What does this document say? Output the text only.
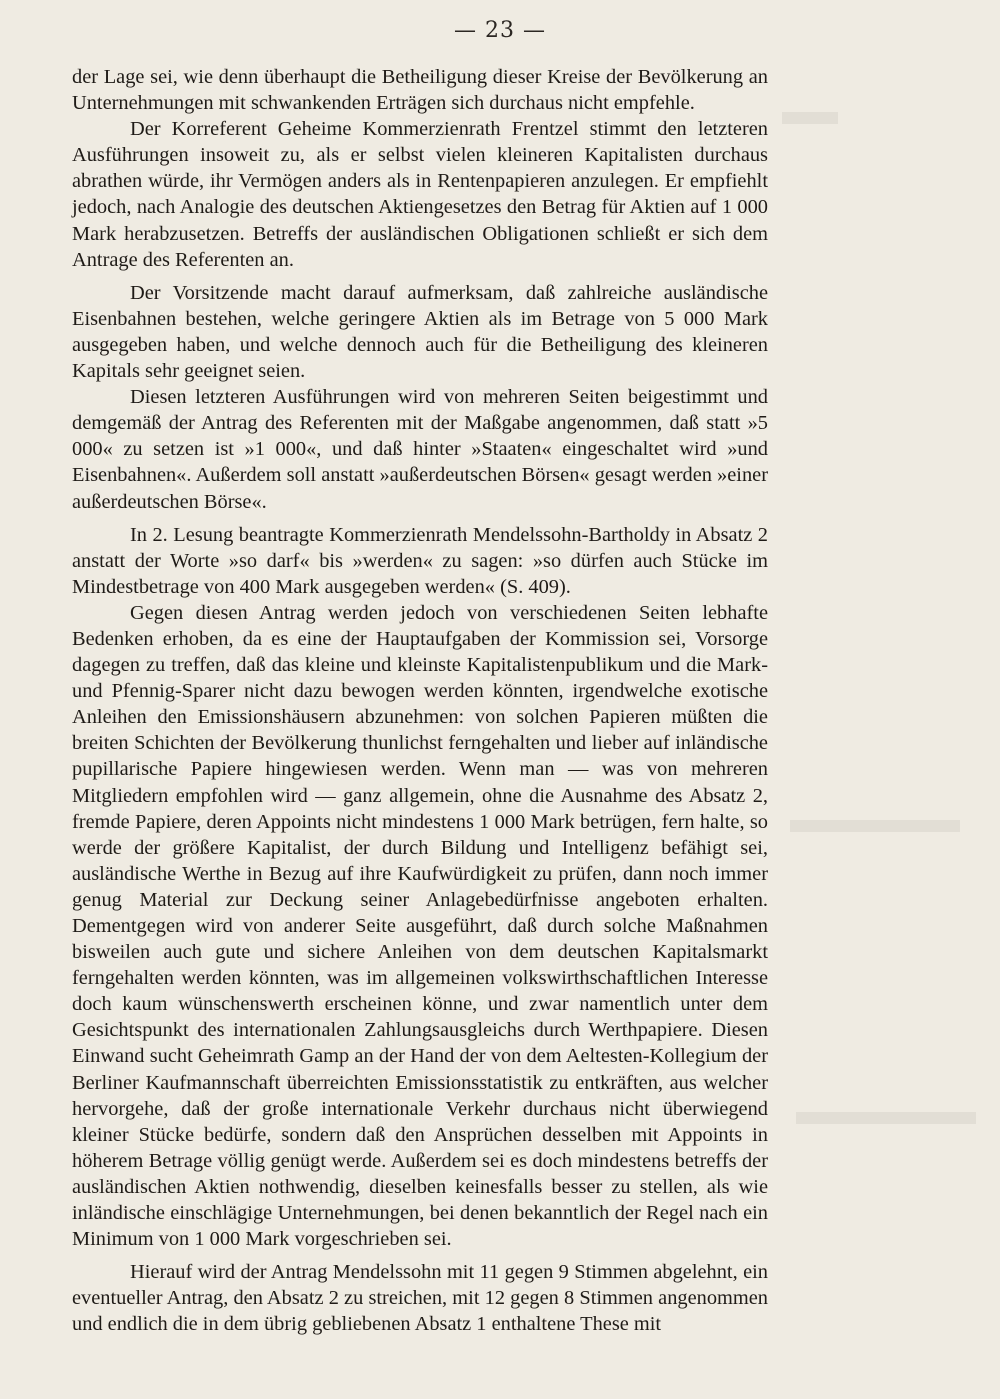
— 23 —

der Lage sei, wie denn überhaupt die Betheiligung dieser Kreise der Bevölkerung an Unternehmungen mit schwankenden Erträgen sich durchaus nicht empfehle.

Der Korreferent Geheime Kommerzienrath Frentzel stimmt den letzteren Ausführungen insoweit zu, als er selbst vielen kleineren Kapitalisten durchaus abrathen würde, ihr Vermögen anders als in Rentenpapieren anzulegen. Er empfiehlt jedoch, nach Analogie des deutschen Aktiengesetzes den Betrag für Aktien auf 1 000 Mark herabzusetzen. Betreffs der ausländischen Obligationen schließt er sich dem Antrage des Referenten an.

Der Vorsitzende macht darauf aufmerksam, daß zahlreiche ausländische Eisenbahnen bestehen, welche geringere Aktien als im Betrage von 5 000 Mark ausgegeben haben, und welche dennoch auch für die Betheiligung des kleineren Kapitals sehr geeignet seien.

Diesen letzteren Ausführungen wird von mehreren Seiten beigestimmt und demgemäß der Antrag des Referenten mit der Maßgabe angenommen, daß statt »5 000« zu setzen ist »1 000«, und daß hinter »Staaten« eingeschaltet wird »und Eisenbahnen«. Außerdem soll anstatt »außerdeutschen Börsen« gesagt werden »einer außerdeutschen Börse«.

In 2. Lesung beantragte Kommerzienrath Mendelssohn-Bartholdy in Absatz 2 anstatt der Worte »so darf« bis »werden« zu sagen: »so dürfen auch Stücke im Mindestbetrage von 400 Mark ausgegeben werden« (S. 409).

Gegen diesen Antrag werden jedoch von verschiedenen Seiten lebhafte Bedenken erhoben, da es eine der Hauptaufgaben der Kommission sei, Vorsorge dagegen zu treffen, daß das kleine und kleinste Kapitalistenpublikum und die Mark- und Pfennig-Sparer nicht dazu bewogen werden könnten, irgendwelche exotische Anleihen den Emissionshäusern abzunehmen: von solchen Papieren müßten die breiten Schichten der Bevölkerung thunlichst ferngehalten und lieber auf inländische pupillarische Papiere hingewiesen werden. Wenn man — was von mehreren Mitgliedern empfohlen wird — ganz allgemein, ohne die Ausnahme des Absatz 2, fremde Papiere, deren Appoints nicht mindestens 1 000 Mark betrügen, fern halte, so werde der größere Kapitalist, der durch Bildung und Intelligenz befähigt sei, ausländische Werthe in Bezug auf ihre Kaufwürdigkeit zu prüfen, dann noch immer genug Material zur Deckung seiner Anlagebedürfnisse angeboten erhalten. Dementgegen wird von anderer Seite ausgeführt, daß durch solche Maßnahmen bisweilen auch gute und sichere Anleihen von dem deutschen Kapitalsmarkt ferngehalten werden könnten, was im allgemeinen volkswirthschaftlichen Interesse doch kaum wünschenswerth erscheinen könne, und zwar namentlich unter dem Gesichtspunkt des internationalen Zahlungsausgleichs durch Werthpapiere. Diesen Einwand sucht Geheimrath Gamp an der Hand der von dem Aeltesten-Kollegium der Berliner Kaufmannschaft überreichten Emissionsstatistik zu entkräften, aus welcher hervorgehe, daß der große internationale Verkehr durchaus nicht überwiegend kleiner Stücke bedürfe, sondern daß den Ansprüchen desselben mit Appoints in höherem Betrage völlig genügt werde. Außerdem sei es doch mindestens betreffs der ausländischen Aktien nothwendig, dieselben keinesfalls besser zu stellen, als wie inländische einschlägige Unternehmungen, bei denen bekanntlich der Regel nach ein Minimum von 1 000 Mark vorgeschrieben sei.

Hierauf wird der Antrag Mendelssohn mit 11 gegen 9 Stimmen abgelehnt, ein eventueller Antrag, den Absatz 2 zu streichen, mit 12 gegen 8 Stimmen angenommen und endlich die in dem übrig gebliebenen Absatz 1 enthaltene These mit
